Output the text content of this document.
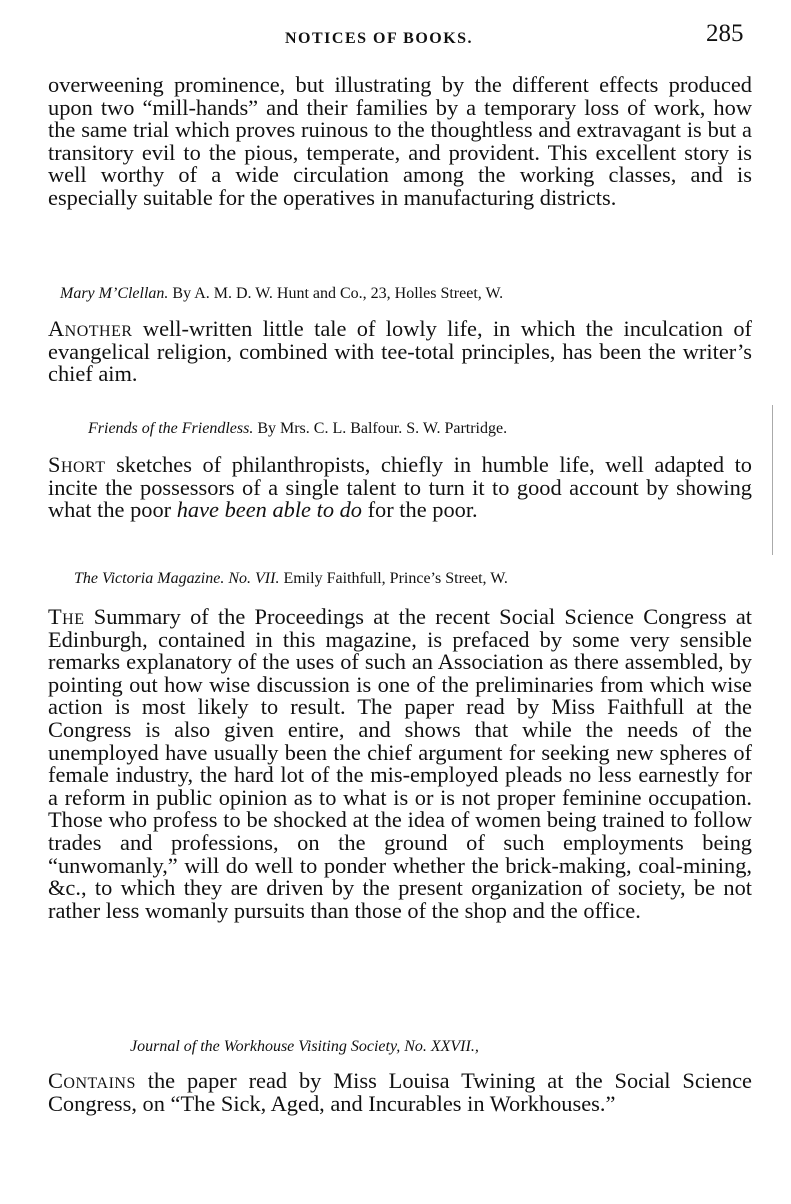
NOTICES OF BOOKS.	285
overweening prominence, but illustrating by the different effects produced upon two “mill-hands” and their families by a temporary loss of work, how the same trial which proves ruinous to the thoughtless and extravagant is but a transitory evil to the pious, temperate, and provident. This excellent story is well worthy of a wide circulation among the working classes, and is especially suitable for the operatives in manufacturing districts.
Mary M’Clellan. By A. M. D. W. Hunt and Co., 23, Holles Street, W.
Another well-written little tale of lowly life, in which the inculcation of evangelical religion, combined with tee-total principles, has been the writer’s chief aim.
Friends of the Friendless. By Mrs. C. L. Balfour. S. W. Partridge.
Short sketches of philanthropists, chiefly in humble life, well adapted to incite the possessors of a single talent to turn it to good account by showing what the poor have been able to do for the poor.
The Victoria Magazine. No. VII. Emily Faithfull, Prince’s Street, W.
The Summary of the Proceedings at the recent Social Science Congress at Edinburgh, contained in this magazine, is prefaced by some very sensible remarks explanatory of the uses of such an Association as there assembled, by pointing out how wise discussion is one of the preliminaries from which wise action is most likely to result. The paper read by Miss Faithfull at the Congress is also given entire, and shows that while the needs of the unemployed have usually been the chief argument for seeking new spheres of female industry, the hard lot of the mis-employed pleads no less earnestly for a reform in public opinion as to what is or is not proper feminine occupation. Those who profess to be shocked at the idea of women being trained to follow trades and professions, on the ground of such employments being “unwomanly,” will do well to ponder whether the brick-making, coal-mining, &c., to which they are driven by the present organization of society, be not rather less womanly pursuits than those of the shop and the office.
Journal of the Workhouse Visiting Society, No. XXVII.,
Contains the paper read by Miss Louisa Twining at the Social Science Congress, on “The Sick, Aged, and Incurables in Workhouses.”
